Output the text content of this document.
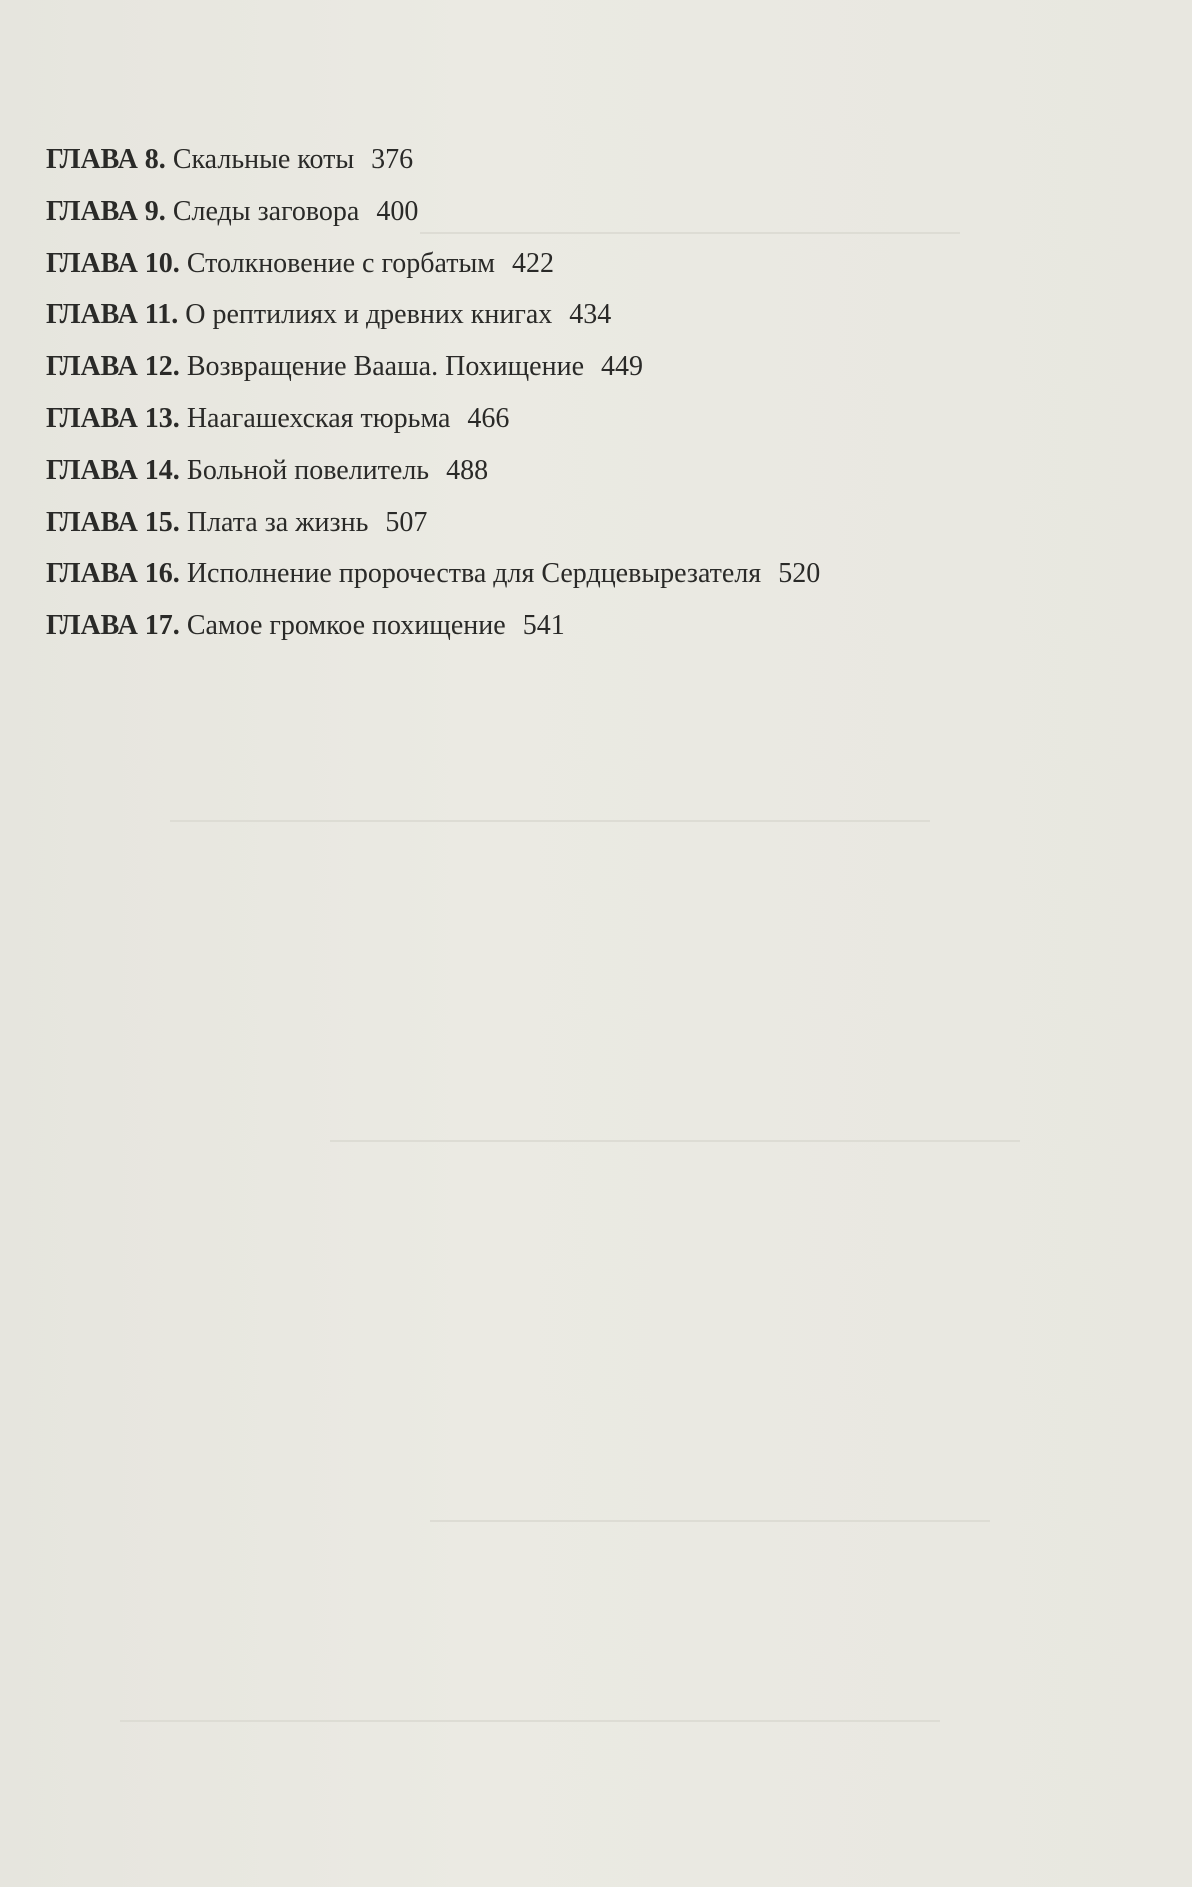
ГЛАВА 8. Скальные коты 376
ГЛАВА 9. Следы заговора 400
ГЛАВА 10. Столкновение с горбатым 422
ГЛАВА 11. О рептилиях и древних книгах 434
ГЛАВА 12. Возвращение Вааша. Похищение 449
ГЛАВА 13. Наагашехская тюрьма 466
ГЛАВА 14. Больной повелитель 488
ГЛАВА 15. Плата за жизнь 507
ГЛАВА 16. Исполнение пророчества для Сердцевырезателя 520
ГЛАВА 17. Самое громкое похищение 541
